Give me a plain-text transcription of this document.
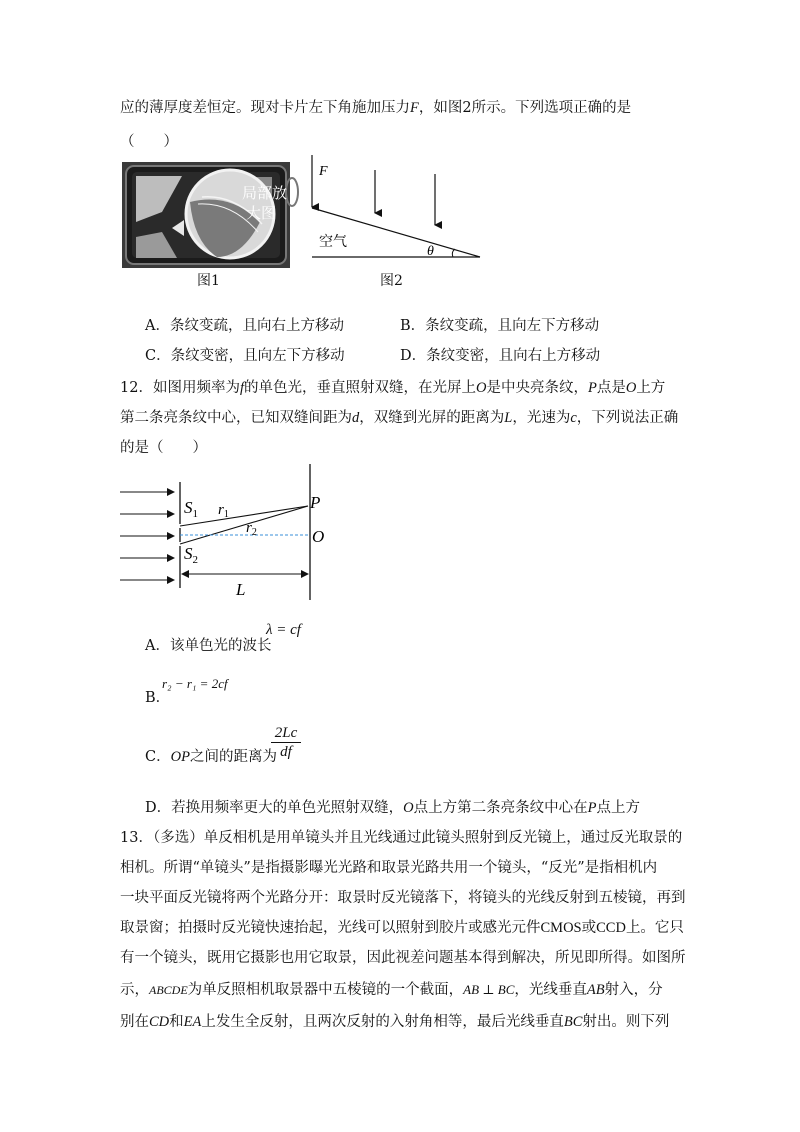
应的薄厚度差恒定。现对卡片左下角施加压力F，如图2所示。下列选项正确的是
（　　）
局部放
大图
图1
F
空气
θ
图2
A．条纹变疏，且向右上方移动	B．条纹变疏，且向左下方移动
C．条纹变密，且向左下方移动	D．条纹变密，且向右上方移动
12．如图用频率为f的单色光，垂直照射双缝，在光屏上O是中央亮条纹，P点是O上方
第二条亮条纹中心，已知双缝间距为d，双缝到光屏的距离为L，光速为c，下列说法正确
的是（　　）
$S_1$ $r_1$
$r_2$
$S_2$
P
O
L
A．该单色光的波长
λ = cf
B．
r₂ − r₁ = 2cf
C．OP之间的距离为
$\frac{2Lc}{df}$
D．若换用频率更大的单色光照射双缝，O点上方第二条亮条纹中心在P点上方
13．（多选）单反相机是用单镜头并且光线通过此镜头照射到反光镜上，通过反光取景的
相机。所谓“单镜头”是指摄影曝光光路和取景光路共用一个镜头，“反光”是指相机内
一块平面反光镜将两个光路分开：取景时反光镜落下，将镜头的光线反射到五棱镜，再到
取景窗；拍摄时反光镜快速抬起，光线可以照射到胶片或感光元件CMOS或CCD上。它只
有一个镜头，既用它摄影也用它取景，因此视差问题基本得到解决，所见即所得。如图所
示，ABCDE为单反照相机取景器中五棱镜的一个截面，AB ⊥ BC，光线垂直AB射入，分
别在CD和EA上发生全反射，且两次反射的入射角相等，最后光线垂直BC射出。则下列
